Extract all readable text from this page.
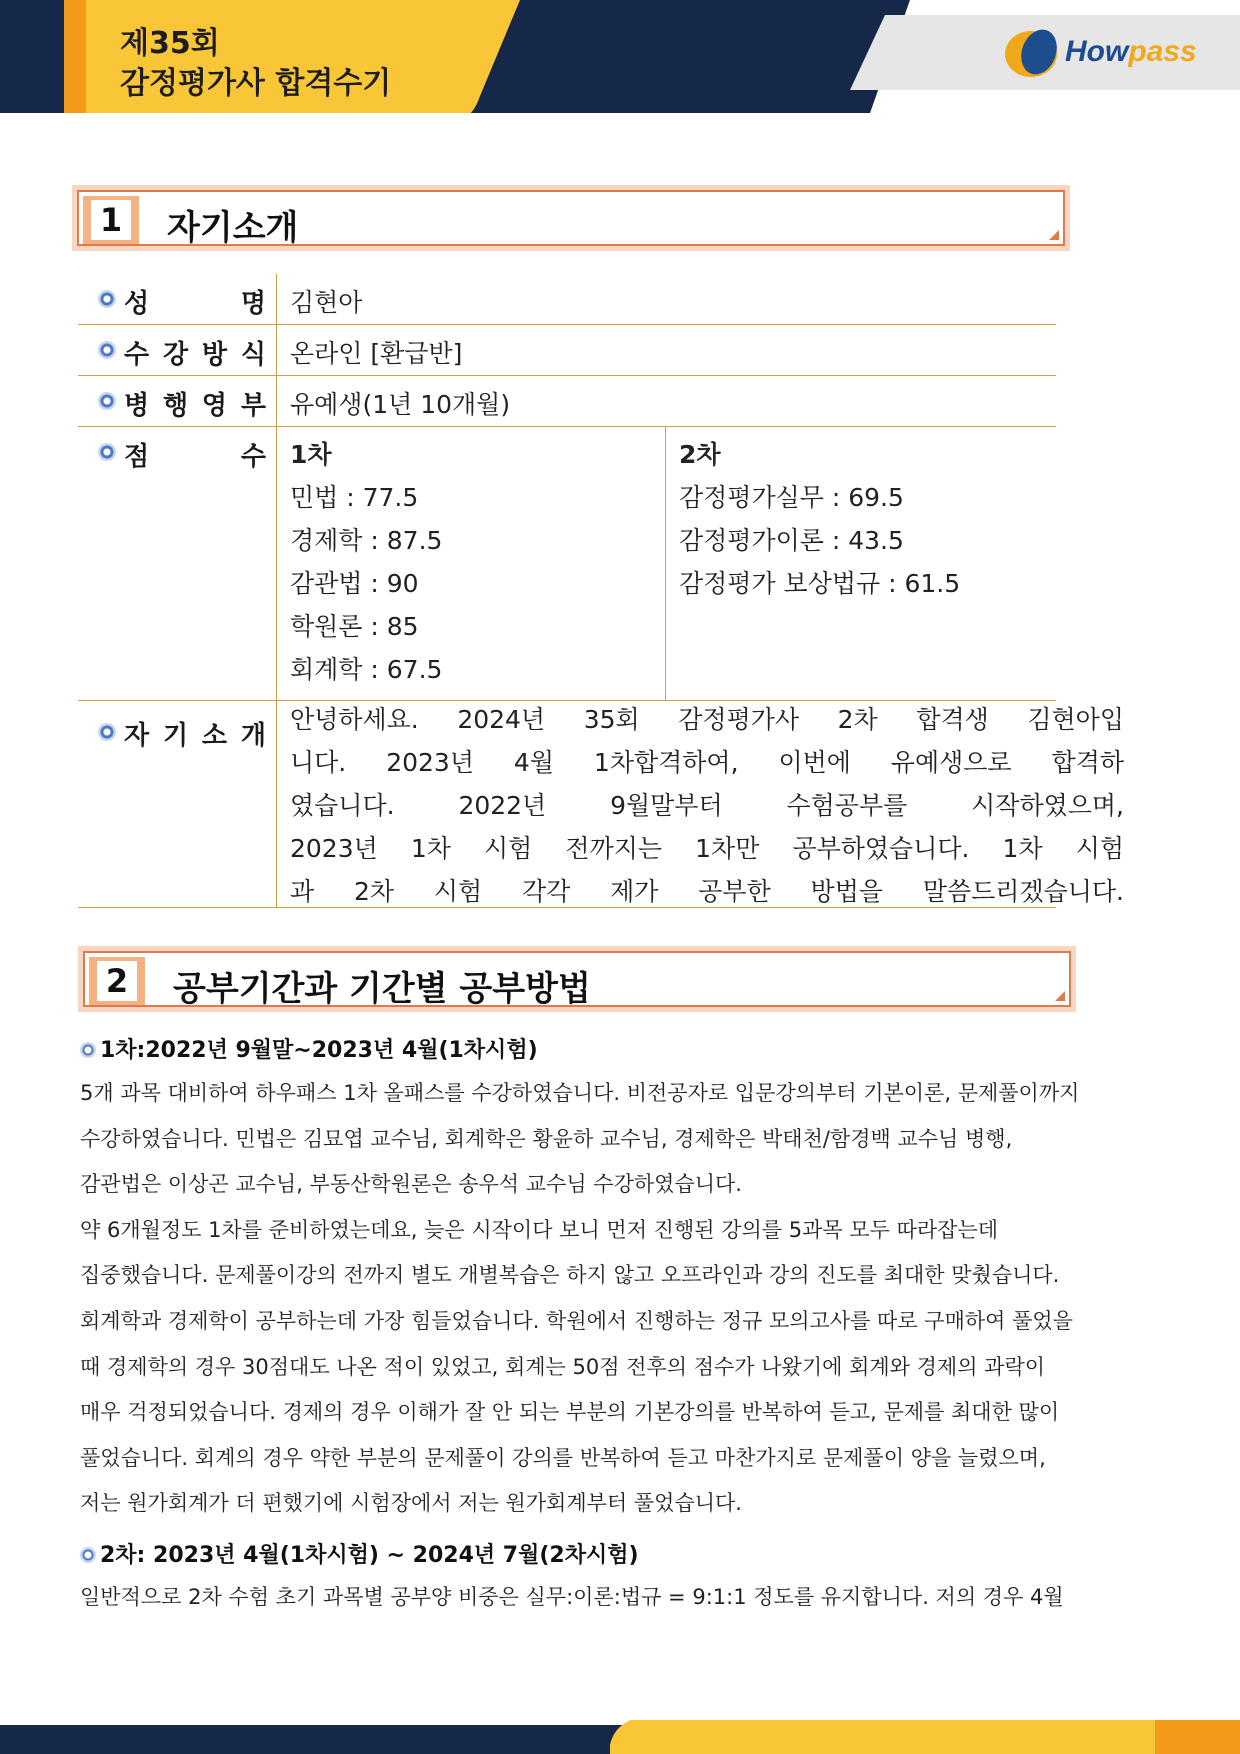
제35회
감정평가사 합격수기
Howpass
1 자기소개
성	명 김현아
수 강 방 식 온라인 [환급반]
병 행 영 부 유예생(1년 10개월)
점	수 1차
민법 : 77.5
경제학 : 87.5
감관법 : 90
학원론 : 85
회계학 : 67.5
2차
감정평가실무 : 69.5
감정평가이론 : 43.5
감정평가 보상법규 : 61.5
자 기 소 개
안녕하세요. 2024년 35회 감정평가사 2차 합격생 김현아입
니다. 2023년 4월 1차합격하여, 이번에 유예생으로 합격하
였습니다. 2022년 9월말부터 수험공부를 시작하였으며,
2023년 1차 시험 전까지는 1차만 공부하였습니다. 1차 시험
과 2차 시험 각각 제가 공부한 방법을 말씀드리겠습니다.
2 공부기간과 기간별 공부방법
1차:2022년 9월말~2023년 4월(1차시험)
5개 과목 대비하여 하우패스 1차 올패스를 수강하였습니다. 비전공자로 입문강의부터 기본이론, 문제풀이까지
수강하였습니다. 민법은 김묘엽 교수님, 회계학은 황윤하 교수님, 경제학은 박태천/함경백 교수님 병행,
감관법은 이상곤 교수님, 부동산학원론은 송우석 교수님 수강하였습니다.
약 6개월정도 1차를 준비하였는데요, 늦은 시작이다 보니 먼저 진행된 강의를 5과목 모두 따라잡는데
집중했습니다. 문제풀이강의 전까지 별도 개별복습은 하지 않고 오프라인과 강의 진도를 최대한 맞췄습니다.
회계학과 경제학이 공부하는데 가장 힘들었습니다. 학원에서 진행하는 정규 모의고사를 따로 구매하여 풀었을
때 경제학의 경우 30점대도 나온 적이 있었고, 회계는 50점 전후의 점수가 나왔기에 회계와 경제의 과락이
매우 걱정되었습니다. 경제의 경우 이해가 잘 안 되는 부분의 기본강의를 반복하여 듣고, 문제를 최대한 많이
풀었습니다. 회계의 경우 약한 부분의 문제풀이 강의를 반복하여 듣고 마찬가지로 문제풀이 양을 늘렸으며,
저는 원가회계가 더 편했기에 시험장에서 저는 원가회계부터 풀었습니다.
2차: 2023년 4월(1차시험) ~ 2024년 7월(2차시험)
일반적으로 2차 수험 초기 과목별 공부양 비중은 실무:이론:법규 = 9:1:1 정도를 유지합니다. 저의 경우 4월
